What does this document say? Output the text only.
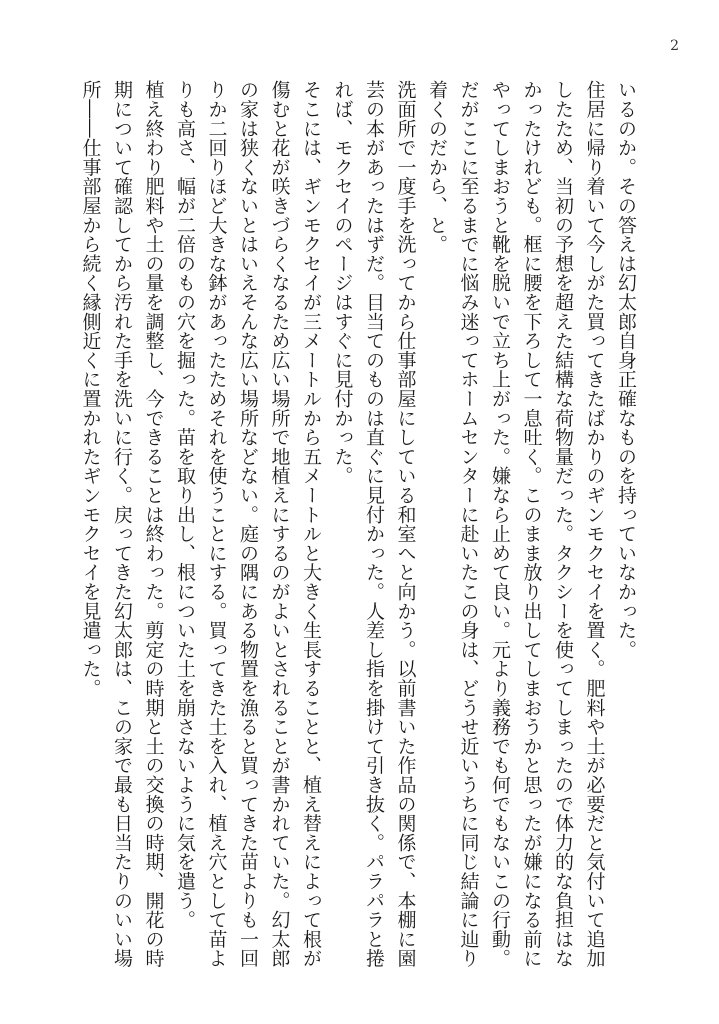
2

いるのか。その答えは幻太郎自身正確なものを持っていなかった。

住居に帰り着いて今しがた買ってきたばかりのギンモクセイを置く。肥料や土が必要だと気付いて追加したため、当初の予想を超えた結構な荷物量だった。タクシーを使ってしまったので体力的な負担はなかったけれども。框に腰を下ろして一息吐く。このまま放り出してしまおうかと思ったが嫌になる前にやってしまおうと靴を脱いで立ち上がった。嫌なら止めて良い。元より義務でも何でもないこの行動。だがここに至るまでに悩み迷ってホームセンターに赴いたこの身は、どうせ近いうちに同じ結論に辿り着くのだから、と。

洗面所で一度手を洗ってから仕事部屋にしている和室へと向かう。以前書いた作品の関係で、本棚に園芸の本があったはずだ。目当てのものは直ぐに見付かった。人差し指を掛けて引き抜く。パラパラと捲れば、モクセイのページはすぐに見付かった。

そこには、ギンモクセイが三メートルから五メートルと大きく生長することと、植え替えによって根が傷むと花が咲きづらくなるため広い場所で地植えにするのがよいとされることが書かれていた。幻太郎の家は狭くないとはいえそんな広い場所などない。庭の隅にある物置を漁ると買ってきた苗よりも一回りか二回りほど大きな鉢があったためそれを使うことにする。買ってきた土を入れ、植え穴として苗よりも高さ、幅が二倍のもの穴を掘った。苗を取り出し、根についた土を崩さないように気を遣う。

植え終わり肥料や土の量を調整し、今できることは終わった。剪定の時期と土の交換の時期、開花の時期について確認してから汚れた手を洗いに行く。戻ってきた幻太郎は、この家で最も日当たりのいい場所――仕事部屋から続く縁側近くに置かれたギンモクセイを見遣った。
